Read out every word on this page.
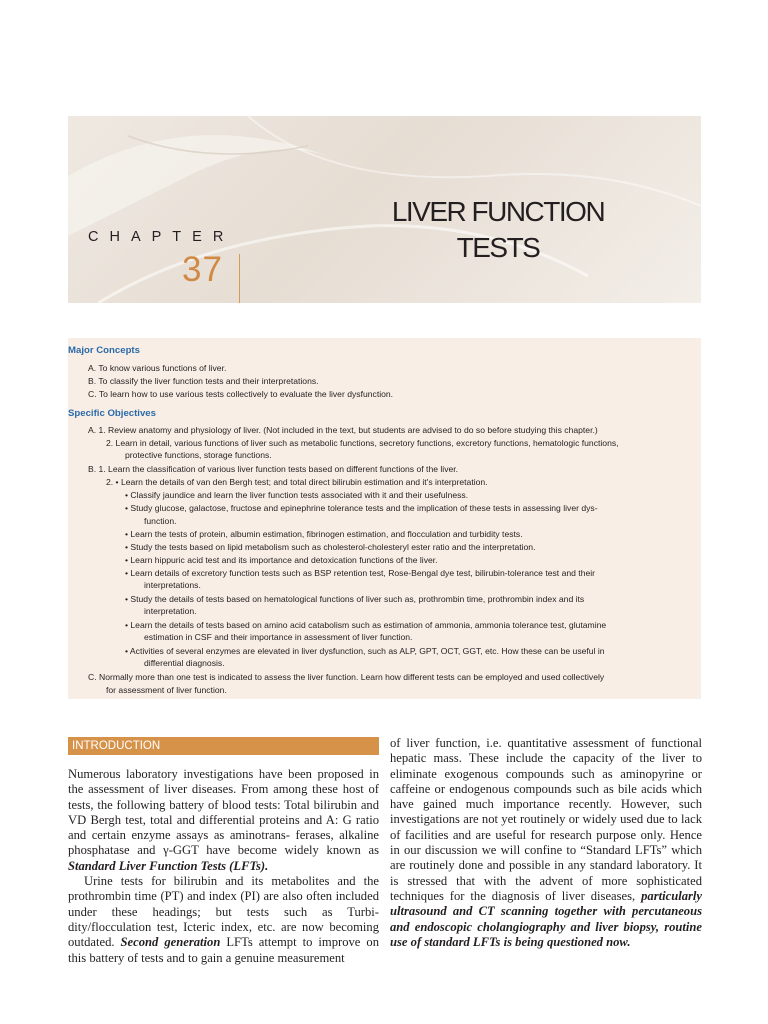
CHAPTER
37
LIVER FUNCTION
TESTS
Major Concepts
A. To know various functions of liver.
B. To classify the liver function tests and their interpretations.
C. To learn how to use various tests collectively to evaluate the liver dysfunction.
Specific Objectives
A. 1. Review anatomy and physiology of liver. (Not included in the text, but students are advised to do so before studying this chapter.)
2. Learn in detail, various functions of liver such as metabolic functions, secretory functions, excretory functions, hematologic functions,
protective functions, storage functions.
B. 1. Learn the classification of various liver function tests based on different functions of the liver.
2. • Learn the details of van den Bergh test; and total direct bilirubin estimation and it's interpretation.
• Classify jaundice and learn the liver function tests associated with it and their usefulness.
• Study glucose, galactose, fructose and epinephrine tolerance tests and the implication of these tests in assessing liver dys-
function.
• Learn the tests of protein, albumin estimation, fibrinogen estimation, and flocculation and turbidity tests.
• Study the tests based on lipid metabolism such as cholesterol-cholesteryl ester ratio and the interpretation.
• Learn hippuric acid test and its importance and detoxication functions of the liver.
• Learn details of excretory function tests such as BSP retention test, Rose-Bengal dye test, bilirubin-tolerance test and their
interpretations.
• Study the details of tests based on hematological functions of liver such as, prothrombin time, prothrombin index and its
interpretation.
• Learn the details of tests based on amino acid catabolism such as estimation of ammonia, ammonia tolerance test, glutamine
estimation in CSF and their importance in assessment of liver function.
• Activities of several enzymes are elevated in liver dysfunction, such as ALP, GPT, OCT, GGT, etc. How these can be useful in
differential diagnosis.
C. Normally more than one test is indicated to assess the liver function. Learn how different tests can be employed and used collectively
for assessment of liver function.
INTRODUCTION

Numerous laboratory investigations have been proposed in the assessment of liver diseases. From among these host of tests, the following battery of blood tests: Total bilirubin and VD Bergh test, total and differential proteins and A: G ratio and certain enzyme assays as aminotrans- ferases, alkaline phosphatase and γ-GGT have become widely known as Standard Liver Function Tests (LFTs).

Urine tests for bilirubin and its metabolites and the prothrombin time (PT) and index (PI) are also often included under these headings; but tests such as Turbi- dity/flocculation test, Icteric index, etc. are now becoming outdated. Second generation LFTs attempt to improve on this battery of tests and to gain a genuine measurement

of liver function, i.e. quantitative assessment of functional hepatic mass. These include the capacity of the liver to eliminate exogenous compounds such as aminopyrine or caffeine or endogenous compounds such as bile acids which have gained much importance recently. However, such investigations are not yet routinely or widely used due to lack of facilities and are useful for research purpose only. Hence in our discussion we will confine to “Standard LFTs” which are routinely done and possible in any standard laboratory. It is stressed that with the advent of more sophisticated techniques for the diagnosis of liver diseases, particularly ultrasound and CT scanning together with percutaneous and endoscopic cholangiography and liver biopsy, routine use of standard LFTs is being questioned now.
